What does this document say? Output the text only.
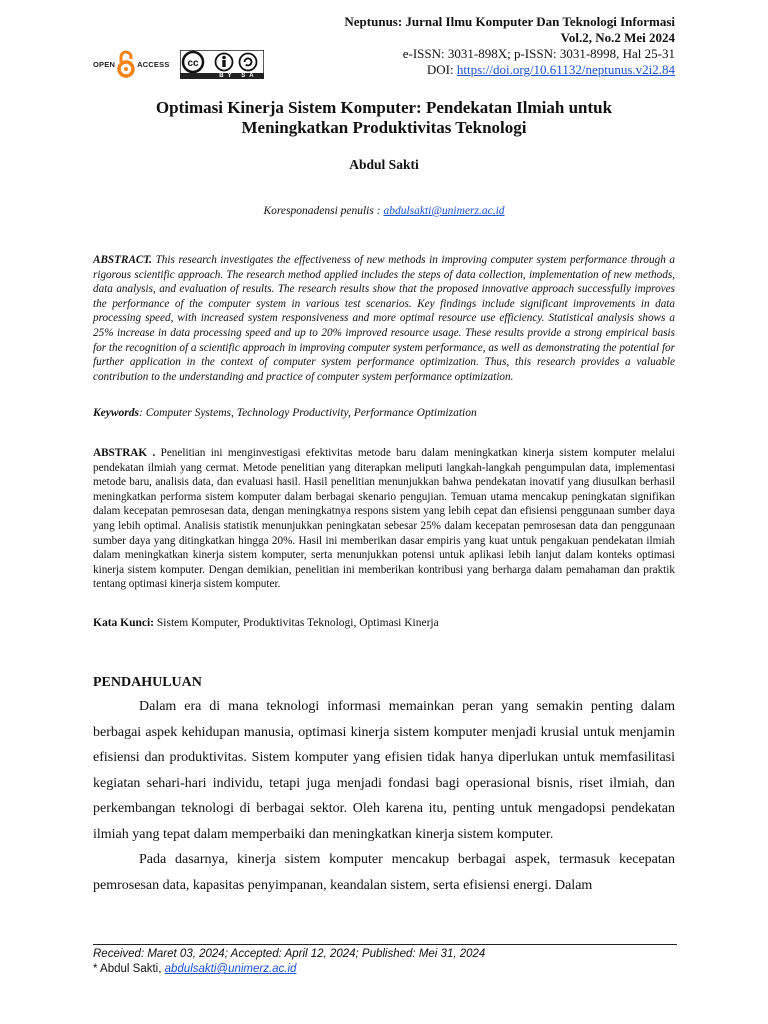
OPEN	ACCESS cc
BY SA
Neptunus: Jurnal Ilmu Komputer Dan Teknologi Informasi
Vol.2, No.2 Mei 2024
e-ISSN: 3031-898X; p-ISSN: 3031-8998, Hal 25-31
DOI: https://doi.org/10.61132/neptunus.v2i2.84
Optimasi Kinerja Sistem Komputer: Pendekatan Ilmiah untuk
Meningkatkan Produktivitas Teknologi
Abdul Sakti
Koresponadensi penulis : abdulsakti@unimerz.ac.id
ABSTRACT. This research investigates the effectiveness of new methods in improving computer system performance through a rigorous scientific approach. The research method applied includes the steps of data collection, implementation of new methods, data analysis, and evaluation of results. The research results show that the proposed innovative approach successfully improves the performance of the computer system in various test scenarios. Key findings include significant improvements in data processing speed, with increased system responsiveness and more optimal resource use efficiency. Statistical analysis shows a 25% increase in data processing speed and up to 20% improved resource usage. These results provide a strong empirical basis for the recognition of a scientific approach in improving computer system performance, as well as demonstrating the potential for further application in the context of computer system performance optimization. Thus, this research provides a valuable contribution to the understanding and practice of computer system performance optimization.
Keywords: Computer Systems, Technology Productivity, Performance Optimization
ABSTRAK . Penelitian ini menginvestigasi efektivitas metode baru dalam meningkatkan kinerja sistem komputer melalui pendekatan ilmiah yang cermat. Metode penelitian yang diterapkan meliputi langkah-langkah pengumpulan data, implementasi metode baru, analisis data, dan evaluasi hasil. Hasil penelitian menunjukkan bahwa pendekatan inovatif yang diusulkan berhasil meningkatkan performa sistem komputer dalam berbagai skenario pengujian. Temuan utama mencakup peningkatan signifikan dalam kecepatan pemrosesan data, dengan meningkatnya respons sistem yang lebih cepat dan efisiensi penggunaan sumber daya yang lebih optimal. Analisis statistik menunjukkan peningkatan sebesar 25% dalam kecepatan pemrosesan data dan penggunaan sumber daya yang ditingkatkan hingga 20%. Hasil ini memberikan dasar empiris yang kuat untuk pengakuan pendekatan ilmiah dalam meningkatkan kinerja sistem komputer, serta menunjukkan potensi untuk aplikasi lebih lanjut dalam konteks optimasi kinerja sistem komputer. Dengan demikian, penelitian ini memberikan kontribusi yang berharga dalam pemahaman dan praktik tentang optimasi kinerja sistem komputer.
Kata Kunci: Sistem Komputer, Produktivitas Teknologi, Optimasi Kinerja
PENDAHULUAN

Dalam era di mana teknologi informasi memainkan peran yang semakin penting dalam berbagai aspek kehidupan manusia, optimasi kinerja sistem komputer menjadi krusial untuk menjamin efisiensi dan produktivitas. Sistem komputer yang efisien tidak hanya diperlukan untuk memfasilitasi kegiatan sehari-hari individu, tetapi juga menjadi fondasi bagi operasional bisnis, riset ilmiah, dan perkembangan teknologi di berbagai sektor. Oleh karena itu, penting untuk mengadopsi pendekatan ilmiah yang tepat dalam memperbaiki dan meningkatkan kinerja sistem komputer.

Pada dasarnya, kinerja sistem komputer mencakup berbagai aspek, termasuk kecepatan pemrosesan data, kapasitas penyimpanan, keandalan sistem, serta efisiensi energi. Dalam

Received: Maret 03, 2024; Accepted: April 12, 2024; Published: Mei 31, 2024
* Abdul Sakti, abdulsakti@unimerz.ac.id
